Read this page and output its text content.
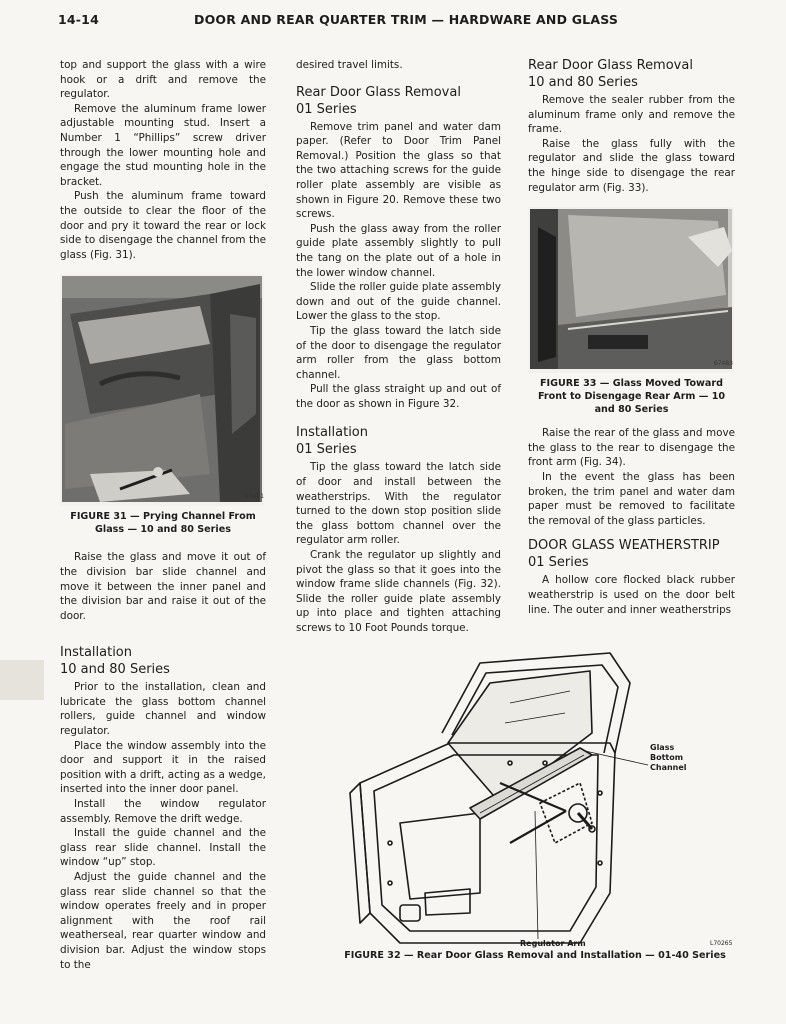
14-14	DOOR AND REAR QUARTER TRIM — HARDWARE AND GLASS

top and support the glass with a wire hook or a drift and remove the regulator.

Remove the aluminum frame lower adjustable mounting stud. Insert a Number 1 “Phillips” screw driver through the lower mounting hole and engage the stud mounting hole in the bracket.

Push the aluminum frame toward the outside to clear the floor of the door and pry it toward the rear or lock side to disengage the channel from the glass (Fig. 31).

67481
FIGURE 31 — Prying Channel From Glass — 10 and 80 Series

Raise the glass and move it out of the division bar slide channel and move it between the inner panel and the division bar and raise it out of the door.

Installation
10 and 80 Series

Prior to the installation, clean and lubricate the glass bottom channel rollers, guide channel and window regulator.

Place the window assembly into the door and support it in the raised position with a drift, acting as a wedge, inserted into the inner door panel.

Install the window regulator assembly. Remove the drift wedge.

Install the guide channel and the glass rear slide channel. Install the window “up” stop.

Adjust the guide channel and the glass rear slide channel so that the window operates freely and in proper alignment with the roof rail weatherseal, rear quarter window and division bar. Adjust the window stops to the

desired travel limits.

Rear Door Glass Removal
01 Series

Remove trim panel and water dam paper. (Refer to Door Trim Panel Removal.) Position the glass so that the two attaching screws for the guide roller plate assembly are visible as shown in Figure 20. Remove these two screws.

Push the glass away from the roller guide plate assembly slightly to pull the tang on the plate out of a hole in the lower window channel.

Slide the roller guide plate assembly down and out of the guide channel. Lower the glass to the stop.

Tip the glass toward the latch side of the door to disengage the regulator arm roller from the glass bottom channel.

Pull the glass straight up and out of the door as shown in Figure 32.

Installation
01 Series

Tip the glass toward the latch side of door and install between the weatherstrips. With the regulator turned to the down stop position slide the glass bottom channel over the regulator arm roller.

Crank the regulator up slightly and pivot the glass so that it goes into the window frame slide channels (Fig. 32). Slide the roller guide plate assembly up into place and tighten attaching screws to 10 Foot Pounds torque.

Rear Door Glass Removal
10 and 80 Series

Remove the sealer rubber from the aluminum frame only and remove the frame.

Raise the glass fully with the regulator and slide the glass toward the hinge side to disengage the rear regulator arm (Fig. 33).

67483
FIGURE 33 — Glass Moved Toward Front to Disengage Rear Arm — 10 and 80 Series

Raise the rear of the glass and move the glass to the rear to disengage the front arm (Fig. 34).

In the event the glass has been broken, the trim panel and water dam paper must be removed to facilitate the removal of the glass particles.

DOOR GLASS WEATHERSTRIP
01 Series

A hollow core flocked black rubber weatherstrip is used on the door belt line. The outer and inner weatherstrips

Glass Bottom Channel
Regulator Arm	L70265
FIGURE 32 — Rear Door Glass Removal and Installation — 01-40 Series
